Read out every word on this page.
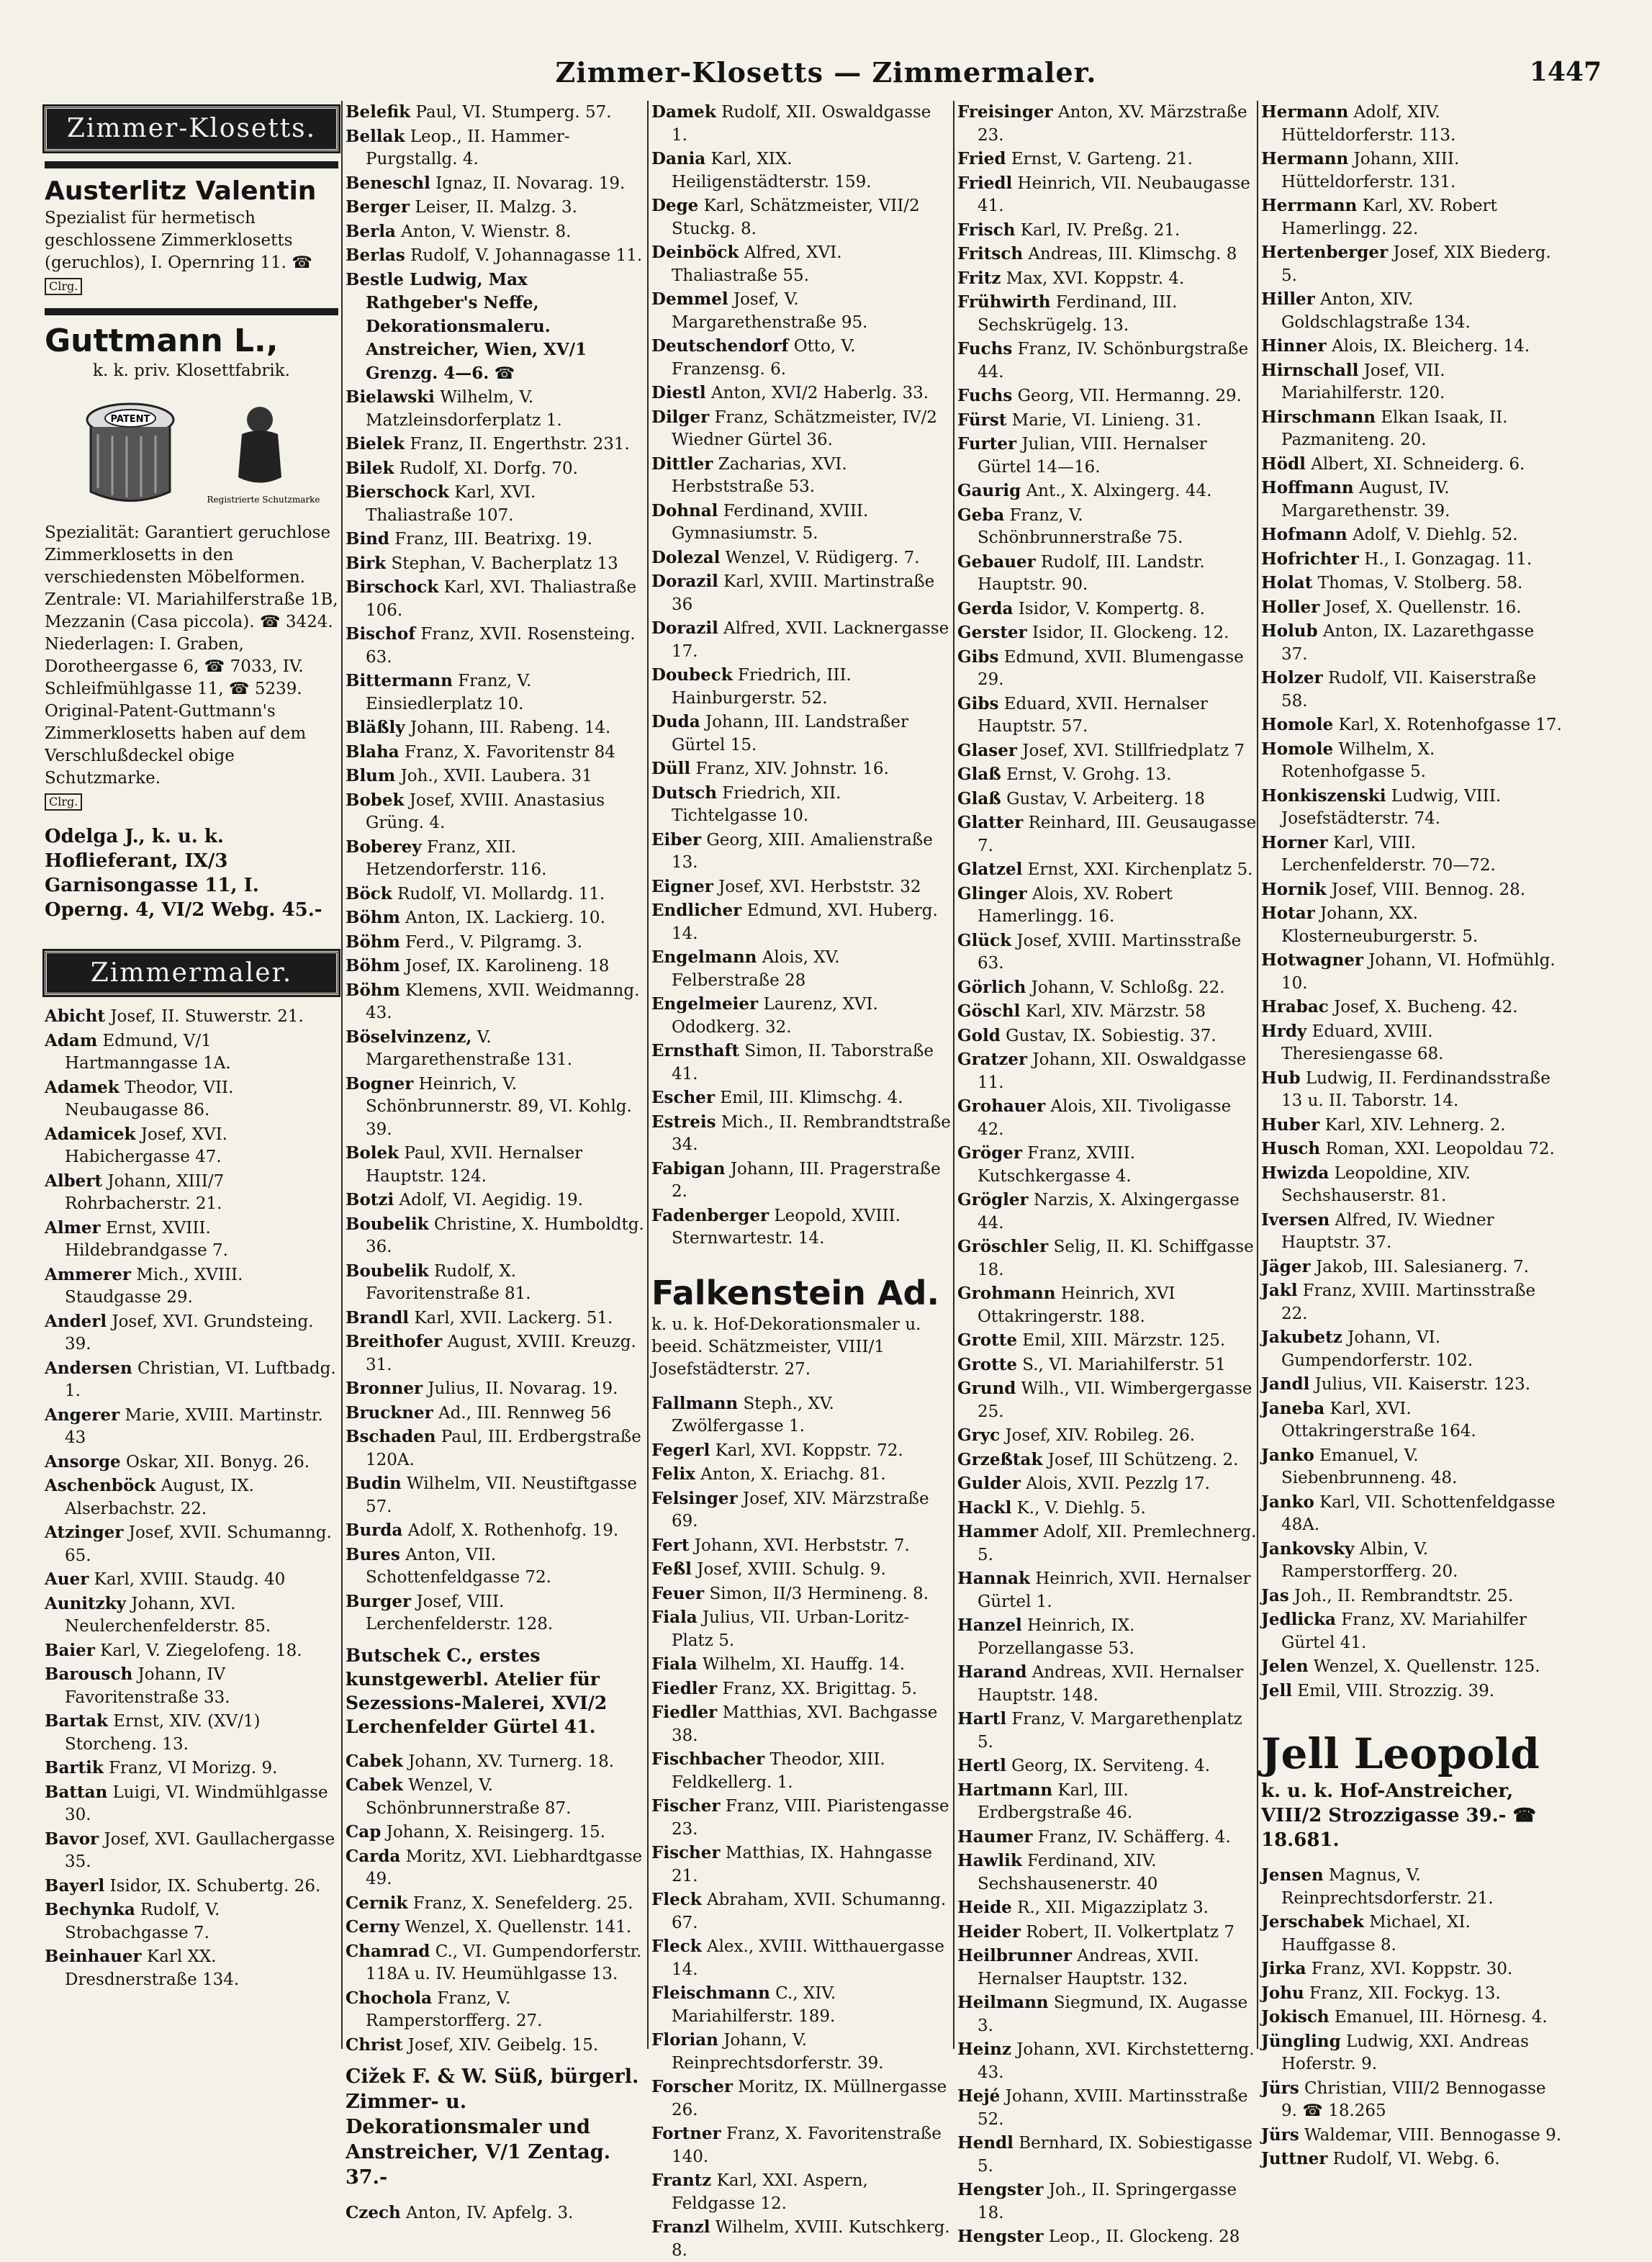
Zimmer-Klosetts — Zimmermaler.	1447
Zimmer-Klosetts.
Austerlitz Valentin
Spezialist für hermetisch geschlossene Zimmerklosetts (geruchlos), I. Opernring 11. ☎
Clrg.
Guttmann L.,
k. k. priv. Klosettfabrik.
PATENT
Registrierte Schutzmarke
Spezialität: Garantiert geruchlose Zimmerklosetts in den verschiedensten Möbelformen. Zentrale: VI. Mariahilferstraße 1B, Mezzanin (Casa piccola). ☎ 3424. Niederlagen: I. Graben, Dorotheergasse 6, ☎ 7033, IV. Schleifmühlgasse 11, ☎ 5239. Original-Patent-Guttmann's Zimmerklosetts haben auf dem Verschlußdeckel obige Schutzmarke.
Clrg.
Odelga J., k. u. k. Hoflieferant, IX/3 Garnisongasse 11, I. Operng. 4, VI/2 Webg. 45.-
Zimmermaler.
Abicht Josef, II. Stuwerstr. 21.
Adam Edmund, V/1 Hartmanngasse 1A.
Adamek Theodor, VII. Neubaugasse 86.
Adamicek Josef, XVI. Habichergasse 47.
Albert Johann, XIII/7 Rohrbacherstr. 21.
Almer Ernst, XVIII. Hildebrandgasse 7.
Ammerer Mich., XVIII. Staudgasse 29.
Anderl Josef, XVI. Grundsteing. 39.
Andersen Christian, VI. Luftbadg. 1.
Angerer Marie, XVIII. Martinstr. 43
Ansorge Oskar, XII. Bonyg. 26.
Aschenböck August, IX. Alserbachstr. 22.
Atzinger Josef, XVII. Schumanng. 65.
Auer Karl, XVIII. Staudg. 40
Aunitzky Johann, XVI. Neulerchenfelderstr. 85.
Baier Karl, V. Ziegelofeng. 18.
Barousch Johann, IV Favoritenstraße 33.
Bartak Ernst, XIV. (XV/1) Storcheng. 13.
Bartik Franz, VI Morizg. 9.
Battan Luigi, VI. Windmühlgasse 30.
Bavor Josef, XVI. Gaullachergasse 35.
Bayerl Isidor, IX. Schubertg. 26.
Bechynka Rudolf, V. Strobachgasse 7.
Beinhauer Karl XX. Dresdnerstraße 134.
Belefik Paul, VI. Stumperg. 57.
Bellak Leop., II. Hammer-Purgstallg. 4.
Beneschl Ignaz, II. Novarag. 19.
Berger Leiser, II. Malzg. 3.
Berla Anton, V. Wienstr. 8.
Berlas Rudolf, V. Johannagasse 11.
Bestle Ludwig, Max Rathgeber's Neffe, Dekorationsmaleru. Anstreicher, Wien, XV/1 Grenzg. 4—6. ☎
Bielawski Wilhelm, V. Matzleinsdorferplatz 1.
Bielek Franz, II. Engerthstr. 231.
Bilek Rudolf, XI. Dorfg. 70.
Bierschock Karl, XVI. Thaliastraße 107.
Bind Franz, III. Beatrixg. 19.
Birk Stephan, V. Bacherplatz 13
Birschock Karl, XVI. Thaliastraße 106.
Bischof Franz, XVII. Rosensteing. 63.
Bittermann Franz, V. Einsiedlerplatz 10.
Bläßly Johann, III. Rabeng. 14.
Blaha Franz, X. Favoritenstr 84
Blum Joh., XVII. Laubera. 31
Bobek Josef, XVIII. Anastasius Grüng. 4.
Boberey Franz, XII. Hetzendorferstr. 116.
Böck Rudolf, VI. Mollardg. 11.
Böhm Anton, IX. Lackierg. 10.
Böhm Ferd., V. Pilgramg. 3.
Böhm Josef, IX. Karolineng. 18
Böhm Klemens, XVII. Weidmanng. 43.
Böselvinzenz, V. Margarethenstraße 131.
Bogner Heinrich, V. Schönbrunnerstr. 89, VI. Kohlg. 39.
Bolek Paul, XVII. Hernalser Hauptstr. 124.
Botzi Adolf, VI. Aegidig. 19.
Boubelik Christine, X. Humboldtg. 36.
Boubelik Rudolf, X. Favoritenstraße 81.
Brandl Karl, XVII. Lackerg. 51.
Breithofer August, XVIII. Kreuzg. 31.
Bronner Julius, II. Novarag. 19.
Bruckner Ad., III. Rennweg 56
Bschaden Paul, III. Erdbergstraße 120A.
Budin Wilhelm, VII. Neustiftgasse 57.
Burda Adolf, X. Rothenhofg. 19.
Bures Anton, VII. Schottenfeldgasse 72.
Burger Josef, VIII. Lerchenfelderstr. 128.
Butschek C., erstes kunstgewerbl. Atelier für Sezessions-Malerei, XVI/2 Lerchenfelder Gürtel 41.
Cabek Johann, XV. Turnerg. 18.
Cabek Wenzel, V. Schönbrunnerstraße 87.
Cap Johann, X. Reisingerg. 15.
Carda Moritz, XVI. Liebhardtgasse 49.
Cernik Franz, X. Senefelderg. 25.
Cerny Wenzel, X. Quellenstr. 141.
Chamrad C., VI. Gumpendorferstr. 118A u. IV. Heumühlgasse 13.
Chochola Franz, V. Ramperstorfferg. 27.
Christ Josef, XIV. Geibelg. 15.
Cižek F. & W. Süß, bürgerl. Zimmer- u. Dekorationsmaler und Anstreicher, V/1 Zentag. 37.-
Czech Anton, IV. Apfelg. 3.
Damek Rudolf, XII. Oswaldgasse 1.
Dania Karl, XIX. Heiligenstädterstr. 159.
Dege Karl, Schätzmeister, VII/2 Stuckg. 8.
Deinböck Alfred, XVI. Thaliastraße 55.
Demmel Josef, V. Margarethenstraße 95.
Deutschendorf Otto, V. Franzensg. 6.
Diestl Anton, XVI/2 Haberlg. 33.
Dilger Franz, Schätzmeister, IV/2 Wiedner Gürtel 36.
Dittler Zacharias, XVI. Herbststraße 53.
Dohnal Ferdinand, XVIII. Gymnasiumstr. 5.
Dolezal Wenzel, V. Rüdigerg. 7.
Dorazil Karl, XVIII. Martinstraße 36
Dorazil Alfred, XVII. Lacknergasse 17.
Doubeck Friedrich, III. Hainburgerstr. 52.
Duda Johann, III. Landstraßer Gürtel 15.
Düll Franz, XIV. Johnstr. 16.
Dutsch Friedrich, XII. Tichtelgasse 10.
Eiber Georg, XIII. Amalienstraße 13.
Eigner Josef, XVI. Herbststr. 32
Endlicher Edmund, XVI. Huberg. 14.
Engelmann Alois, XV. Felberstraße 28
Engelmeier Laurenz, XVI. Ododkerg. 32.
Ernsthaft Simon, II. Taborstraße 41.
Escher Emil, III. Klimschg. 4.
Estreis Mich., II. Rembrandtstraße 34.
Fabigan Johann, III. Pragerstraße 2.
Fadenberger Leopold, XVIII. Sternwartestr. 14.
Falkenstein Ad.
k. u. k. Hof-Dekorationsmaler u. beeid. Schätzmeister, VIII/1 Josefstädterstr. 27.
Fallmann Steph., XV. Zwölfergasse 1.
Fegerl Karl, XVI. Koppstr. 72.
Felix Anton, X. Eriachg. 81.
Felsinger Josef, XIV. Märzstraße 69.
Fert Johann, XVI. Herbststr. 7.
Feßl Josef, XVIII. Schulg. 9.
Feuer Simon, II/3 Hermineng. 8.
Fiala Julius, VII. Urban-Loritz-Platz 5.
Fiala Wilhelm, XI. Hauffg. 14.
Fiedler Franz, XX. Brigittag. 5.
Fiedler Matthias, XVI. Bachgasse 38.
Fischbacher Theodor, XIII. Feldkellerg. 1.
Fischer Franz, VIII. Piaristengasse 23.
Fischer Matthias, IX. Hahngasse 21.
Fleck Abraham, XVII. Schumanng. 67.
Fleck Alex., XVIII. Witthauergasse 14.
Fleischmann C., XIV. Mariahilferstr. 189.
Florian Johann, V. Reinprechtsdorferstr. 39.
Forscher Moritz, IX. Müllnergasse 26.
Fortner Franz, X. Favoritenstraße 140.
Frantz Karl, XXI. Aspern, Feldgasse 12.
Franzl Wilhelm, XVIII. Kutschkerg. 8.
Freisinger Anton, XV. Märzstraße 23.
Fried Ernst, V. Garteng. 21.
Friedl Heinrich, VII. Neubaugasse 41.
Frisch Karl, IV. Preßg. 21.
Fritsch Andreas, III. Klimschg. 8
Fritz Max, XVI. Koppstr. 4.
Frühwirth Ferdinand, III. Sechskrügelg. 13.
Fuchs Franz, IV. Schönburgstraße 44.
Fuchs Georg, VII. Hermanng. 29.
Fürst Marie, VI. Linieng. 31.
Furter Julian, VIII. Hernalser Gürtel 14—16.
Gaurig Ant., X. Alxingerg. 44.
Geba Franz, V. Schönbrunnerstraße 75.
Gebauer Rudolf, III. Landstr. Hauptstr. 90.
Gerda Isidor, V. Kompertg. 8.
Gerster Isidor, II. Glockeng. 12.
Gibs Edmund, XVII. Blumengasse 29.
Gibs Eduard, XVII. Hernalser Hauptstr. 57.
Glaser Josef, XVI. Stillfriedplatz 7
Glaß Ernst, V. Grohg. 13.
Glaß Gustav, V. Arbeiterg. 18
Glatter Reinhard, III. Geusaugasse 7.
Glatzel Ernst, XXI. Kirchenplatz 5.
Glinger Alois, XV. Robert Hamerlingg. 16.
Glück Josef, XVIII. Martinsstraße 63.
Görlich Johann, V. Schloßg. 22.
Göschl Karl, XIV. Märzstr. 58
Gold Gustav, IX. Sobiestig. 37.
Gratzer Johann, XII. Oswaldgasse 11.
Grohauer Alois, XII. Tivoligasse 42.
Gröger Franz, XVIII. Kutschkergasse 4.
Grögler Narzis, X. Alxingergasse 44.
Gröschler Selig, II. Kl. Schiffgasse 18.
Grohmann Heinrich, XVI Ottakringerstr. 188.
Grotte Emil, XIII. Märzstr. 125.
Grotte S., VI. Mariahilferstr. 51
Grund Wilh., VII. Wimbergergasse 25.
Gryc Josef, XIV. Robileg. 26.
Grzeßtak Josef, III Schützeng. 2.
Gulder Alois, XVII. Pezzlg 17.
Hackl K., V. Diehlg. 5.
Hammer Adolf, XII. Premlechnerg. 5.
Hannak Heinrich, XVII. Hernalser Gürtel 1.
Hanzel Heinrich, IX. Porzellangasse 53.
Harand Andreas, XVII. Hernalser Hauptstr. 148.
Hartl Franz, V. Margarethenplatz 5.
Hertl Georg, IX. Serviteng. 4.
Hartmann Karl, III. Erdbergstraße 46.
Haumer Franz, IV. Schäfferg. 4.
Hawlik Ferdinand, XIV. Sechshausenerstr. 40
Heide R., XII. Migazziplatz 3.
Heider Robert, II. Volkertplatz 7
Heilbrunner Andreas, XVII. Hernalser Hauptstr. 132.
Heilmann Siegmund, IX. Augasse 3.
Heinz Johann, XVI. Kirchstetterng. 43.
Hejé Johann, XVIII. Martinsstraße 52.
Hendl Bernhard, IX. Sobiestigasse 5.
Hengster Joh., II. Springergasse 18.
Hengster Leop., II. Glockeng. 28
Hermann Adolf, XIV. Hütteldorferstr. 113.
Hermann Johann, XIII. Hütteldorferstr. 131.
Herrmann Karl, XV. Robert Hamerlingg. 22.
Hertenberger Josef, XIX Biederg. 5.
Hiller Anton, XIV. Goldschlagstraße 134.
Hinner Alois, IX. Bleicherg. 14.
Hirnschall Josef, VII. Mariahilferstr. 120.
Hirschmann Elkan Isaak, II. Pazmaniteng. 20.
Hödl Albert, XI. Schneiderg. 6.
Hoffmann August, IV. Margarethenstr. 39.
Hofmann Adolf, V. Diehlg. 52.
Hofrichter H., I. Gonzagag. 11.
Holat Thomas, V. Stolberg. 58.
Holler Josef, X. Quellenstr. 16.
Holub Anton, IX. Lazarethgasse 37.
Holzer Rudolf, VII. Kaiserstraße 58.
Homole Karl, X. Rotenhofgasse 17.
Homole Wilhelm, X. Rotenhofgasse 5.
Honkiszenski Ludwig, VIII. Josefstädterstr. 74.
Horner Karl, VIII. Lerchenfelderstr. 70—72.
Hornik Josef, VIII. Bennog. 28.
Hotar Johann, XX. Klosterneuburgerstr. 5.
Hotwagner Johann, VI. Hofmühlg. 10.
Hrabac Josef, X. Bucheng. 42.
Hrdy Eduard, XVIII. Theresiengasse 68.
Hub Ludwig, II. Ferdinandsstraße 13 u. II. Taborstr. 14.
Huber Karl, XIV. Lehnerg. 2.
Husch Roman, XXI. Leopoldau 72.
Hwizda Leopoldine, XIV. Sechshauserstr. 81.
Iversen Alfred, IV. Wiedner Hauptstr. 37.
Jäger Jakob, III. Salesianerg. 7.
Jakl Franz, XVIII. Martinsstraße 22.
Jakubetz Johann, VI. Gumpendorferstr. 102.
Jandl Julius, VII. Kaiserstr. 123.
Janeba Karl, XVI. Ottakringerstraße 164.
Janko Emanuel, V. Siebenbrunneng. 48.
Janko Karl, VII. Schottenfeldgasse 48A.
Jankovsky Albin, V. Ramperstorfferg. 20.
Jas Joh., II. Rembrandtstr. 25.
Jedlicka Franz, XV. Mariahilfer Gürtel 41.
Jelen Wenzel, X. Quellenstr. 125.
Jell Emil, VIII. Strozzig. 39.
Jell Leopold
k. u. k. Hof-Anstreicher, VIII/2 Strozzigasse 39.- ☎ 18.681.
Jensen Magnus, V. Reinprechtsdorferstr. 21.
Jerschabek Michael, XI. Hauffgasse 8.
Jirka Franz, XVI. Koppstr. 30.
Johu Franz, XII. Fockyg. 13.
Jokisch Emanuel, III. Hörnesg. 4.
Jüngling Ludwig, XXI. Andreas Hoferstr. 9.
Jürs Christian, VIII/2 Bennogasse 9. ☎ 18.265
Jürs Waldemar, VIII. Bennogasse 9.
Juttner Rudolf, VI. Webg. 6.
